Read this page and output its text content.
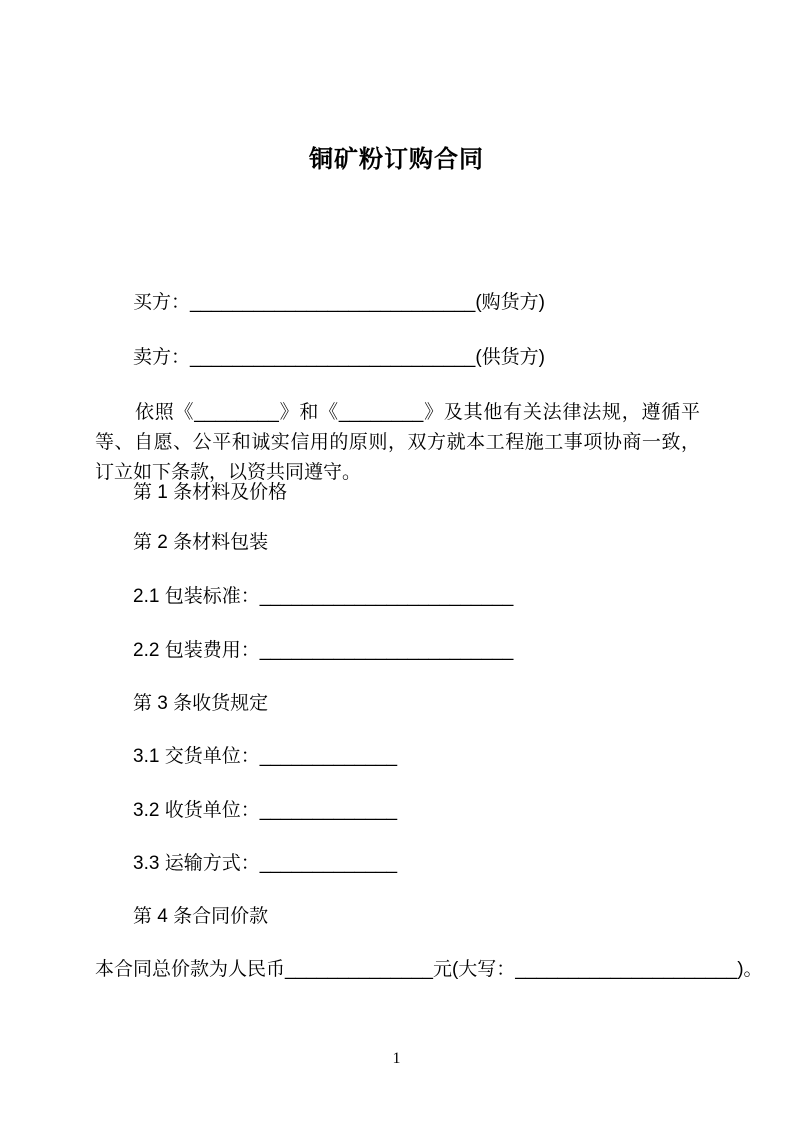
铜矿粉订购合同

买方：___________________________(购货方)

卖方：___________________________(供货方)

依照《________》和《________》及其他有关法律法规，遵循平等、自愿、公平和诚实信用的原则，双方就本工程施工事项协商一致，订立如下条款，以资共同遵守。

第 1 条材料及价格

第 2 条材料包装

2.1 包装标准：________________________

2.2 包装费用：________________________

第 3 条收货规定

3.1 交货单位：_____________

3.2 收货单位：_____________

3.3 运输方式：_____________

第 4 条合同价款

本合同总价款为人民币______________元(大写：_____________________)。

1
